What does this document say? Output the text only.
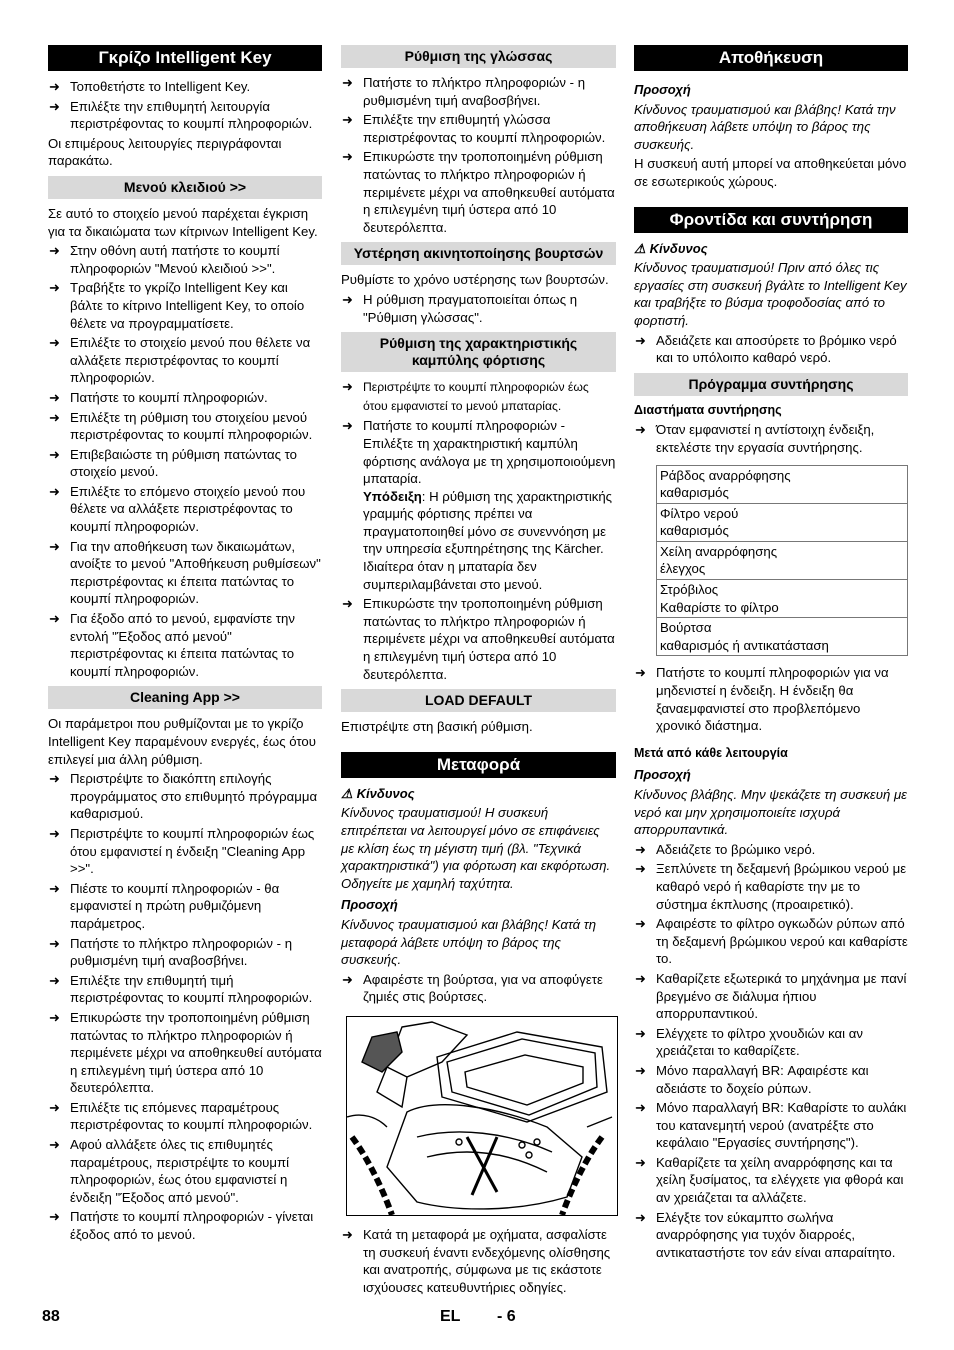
Γκρίζο Intelligent Key
➜ Τοποθετήστε το Intelligent Key.
➜ Επιλέξτε την επιθυμητή λειτουργία περιστρέφοντας το κουμπί πληροφοριών.

Οι επιμέρους λειτουργίες περιγράφονται παρακάτω.

Μενού κλειδιού >>

Σε αυτό το στοιχείο μενού παρέχεται έγκριση για τα δικαιώματα των κίτρινων Intelligent Key.

➜ Στην οθόνη αυτή πατήστε το κουμπί πληροφοριών "Μενού κλειδιού >>".
➜ Τραβήξτε το γκρίζο Intelligent Key και βάλτε το κίτρινο Intelligent Key, το οποίο θέλετε να προγραμματίσετε.
➜ Επιλέξτε το στοιχείο μενού που θέλετε να αλλάξετε περιστρέφοντας το κουμπί πληροφοριών.
➜ Πατήστε το κουμπί πληροφοριών.
➜ Επιλέξτε τη ρύθμιση του στοιχείου μενού περιστρέφοντας το κουμπί πληροφοριών.
➜ Επιβεβαιώστε τη ρύθμιση πατώντας το στοιχείο μενού.
➜ Επιλέξτε το επόμενο στοιχείο μενού που θέλετε να αλλάξετε περιστρέφοντας το κουμπί πληροφοριών.
➜ Για την αποθήκευση των δικαιωμάτων, ανοίξτε το μενού "Αποθήκευση ρυθμίσεων" περιστρέφοντας κι έπειτα πατώντας το κουμπί πληροφοριών.
➜ Για έξοδο από το μενού, εμφανίστε την εντολή "Έξοδος από μενού" περιστρέφοντας κι έπειτα πατώντας το κουμπί πληροφοριών.
Cleaning App >>

Οι παράμετροι που ρυθμίζονται με το γκρίζο Intelligent Key παραμένουν ενεργές, έως ότου επιλεγεί μια άλλη ρύθμιση.

➜ Περιστρέψτε το διακόπτη επιλογής προγράμματος στο επιθυμητό πρόγραμμα καθαρισμού.
➜ Περιστρέψτε το κουμπί πληροφοριών έως ότου εμφανιστεί η ένδειξη "Cleaning App >>".
➜ Πιέστε το κουμπί πληροφοριών - θα εμφανιστεί η πρώτη ρυθμιζόμενη παράμετρος.
➜ Πατήστε το πλήκτρο πληροφοριών - η ρυθμισμένη τιμή αναβοσβήνει.
➜ Επιλέξτε την επιθυμητή τιμή περιστρέφοντας το κουμπί πληροφοριών.
➜ Επικυρώστε την τροποποιημένη ρύθμιση πατώντας το πλήκτρο πληροφοριών ή περιμένετε μέχρι να αποθηκευθεί αυτόματα η επιλεγμένη τιμή ύστερα από 10 δευτερόλεπτα.
➜ Επιλέξτε τις επόμενες παραμέτρους περιστρέφοντας το κουμπί πληροφοριών.
➜ Αφού αλλάξετε όλες τις επιθυμητές παραμέτρους, περιστρέψτε το κουμπί πληροφοριών, έως ότου εμφανιστεί η ένδειξη "Έξοδος από μενού".
➜ Πατήστε το κουμπί πληροφοριών - γίνεται έξοδος από το μενού.
Ρύθμιση της γλώσσας
➜ Πατήστε το πλήκτρο πληροφοριών - η ρυθμισμένη τιμή αναβοσβήνει.
➜ Επιλέξτε την επιθυμητή γλώσσα περιστρέφοντας το κουμπί πληροφοριών.
➜ Επικυρώστε την τροποποιημένη ρύθμιση πατώντας το πλήκτρο πληροφοριών ή περιμένετε μέχρι να αποθηκευθεί αυτόματα η επιλεγμένη τιμή ύστερα από 10 δευτερόλεπτα.
Υστέρηση ακινητοποίησης βουρτσών

Ρυθμίστε το χρόνο υστέρησης των βουρτσών.

➜ Η ρύθμιση πραγματοποιείται όπως η "Ρύθμιση γλώσσας".
Ρύθμιση της χαρακτηριστικής καμπύλης φόρτισης
➜ Περιστρέψτε το κουμπί πληροφοριών έως ότου εμφανιστεί το μενού μπαταρίας.
➜ Πατήστε το κουμπί πληροφοριών - Επιλέξτε τη χαρακτηριστική καμπύλη φόρτισης ανάλογα με τη χρησιμοποιούμενη μπαταρία.
Υπόδειξη: Η ρύθμιση της χαρακτηριστικής γραμμής φόρτισης πρέπει να πραγματοποιηθεί μόνο σε συνεννόηση με την υπηρεσία εξυπηρέτησης της Kärcher. Ιδιαίτερα όταν η μπαταρία δεν συμπεριλαμβάνεται στο μενού.
➜ Επικυρώστε την τροποποιημένη ρύθμιση πατώντας το πλήκτρο πληροφοριών ή περιμένετε μέχρι να αποθηκευθεί αυτόματα η επιλεγμένη τιμή ύστερα από 10 δευτερόλεπτα.
LOAD DEFAULT

Επιστρέψτε στη βασική ρύθμιση.

Μεταφορά

⚠ Κίνδυνος

Κίνδυνος τραυματισμού! Η συσκευή επιτρέπεται να λειτουργεί μόνο σε επιφάνειες με κλίση έως τη μέγιστη τιμή (βλ. "Τεχνικά χαρακτηριστικά") για φόρτωση και εκφόρτωση. Οδηγείτε με χαμηλή ταχύτητα.

Προσοχή

Κίνδυνος τραυματισμού και βλάβης! Κατά τη μεταφορά λάβετε υπόψη το βάρος της συσκευής.

➜ Αφαιρέστε τη βούρτσα, για να αποφύγετε ζημιές στις βούρτσες.
➜ Κατά τη μεταφορά με οχήματα, ασφαλίστε τη συσκευή έναντι ενδεχόμενης ολίσθησης και ανατροπής, σύμφωνα με τις εκάστοτε ισχύουσες κατευθυντήριες οδηγίες.
Αποθήκευση

Προσοχή

Κίνδυνος τραυματισμού και βλάβης! Κατά την αποθήκευση λάβετε υπόψη το βάρος της συσκευής.

Η συσκευή αυτή μπορεί να αποθηκεύεται μόνο σε εσωτερικούς χώρους.

Φροντίδα και συντήρηση

⚠ Κίνδυνος

Κίνδυνος τραυματισμού! Πριν από όλες τις εργασίες στη συσκευή βγάλτε το Intelligent Key και τραβήξτε το βύσμα τροφοδοσίας από το φορτιστή.

➜ Αδειάζετε και αποσύρετε το βρόμικο νερό και το υπόλοιπο καθαρό νερό.
Πρόγραμμα συντήρησης

Διαστήματα συντήρησης

➜ Όταν εμφανιστεί η αντίστοιχη ένδειξη, εκτελέστε την εργασία συντήρησης.
Ράβδος αναρρόφησης
καθαρισμός
Φίλτρο νερού
καθαρισμός
Χείλη αναρρόφησης
έλεγχος
Στρόβιλος
Καθαρίστε το φίλτρο
Βούρτσα
καθαρισμός ή αντικατάσταση
➜ Πατήστε το κουμπί πληροφοριών για να μηδενιστεί η ένδειξη. Η ένδειξη θα ξαναεμφανιστεί στο προβλεπόμενο χρονικό διάστημα.

Μετά από κάθε λειτουργία

Προσοχή

Κίνδυνος βλάβης. Μην ψεκάζετε τη συσκευή με νερό και μην χρησιμοποιείτε ισχυρά απορρυπαντικά.

➜ Αδειάζετε το βρώμικο νερό.
➜ Ξεπλύνετε τη δεξαμενή βρώμικου νερού με καθαρό νερό ή καθαρίστε την με το σύστημα έκπλυσης (προαιρετικό).
➜ Αφαιρέστε το φίλτρο ογκωδών ρύπων από τη δεξαμενή βρώμικου νερού και καθαρίστε το.
➜ Καθαρίζετε εξωτερικά το μηχάνημα με πανί βρεγμένο σε διάλυμα ήπιου απορρυπαντικού.
➜ Ελέγχετε το φίλτρο χνουδιών και αν χρειάζεται το καθαρίζετε.
➜ Μόνο παραλλαγή BR: Αφαιρέστε και αδειάστε το δοχείο ρύπων.
➜ Μόνο παραλλαγή BR: Καθαρίστε το αυλάκι του κατανεμητή νερού (ανατρέξτε στο κεφάλαιο "Εργασίες συντήρησης").
➜ Καθαρίζετε τα χείλη αναρρόφησης και τα χείλη ξυσίματος, τα ελέγχετε για φθορά και αν χρειάζεται τα αλλάζετε.
➜ Ελέγξτε τον εύκαμπτο σωλήνα αναρρόφησης για τυχόν διαρροές, αντικαταστήστε τον εάν είναι απαραίτητο.
88	EL - 6
